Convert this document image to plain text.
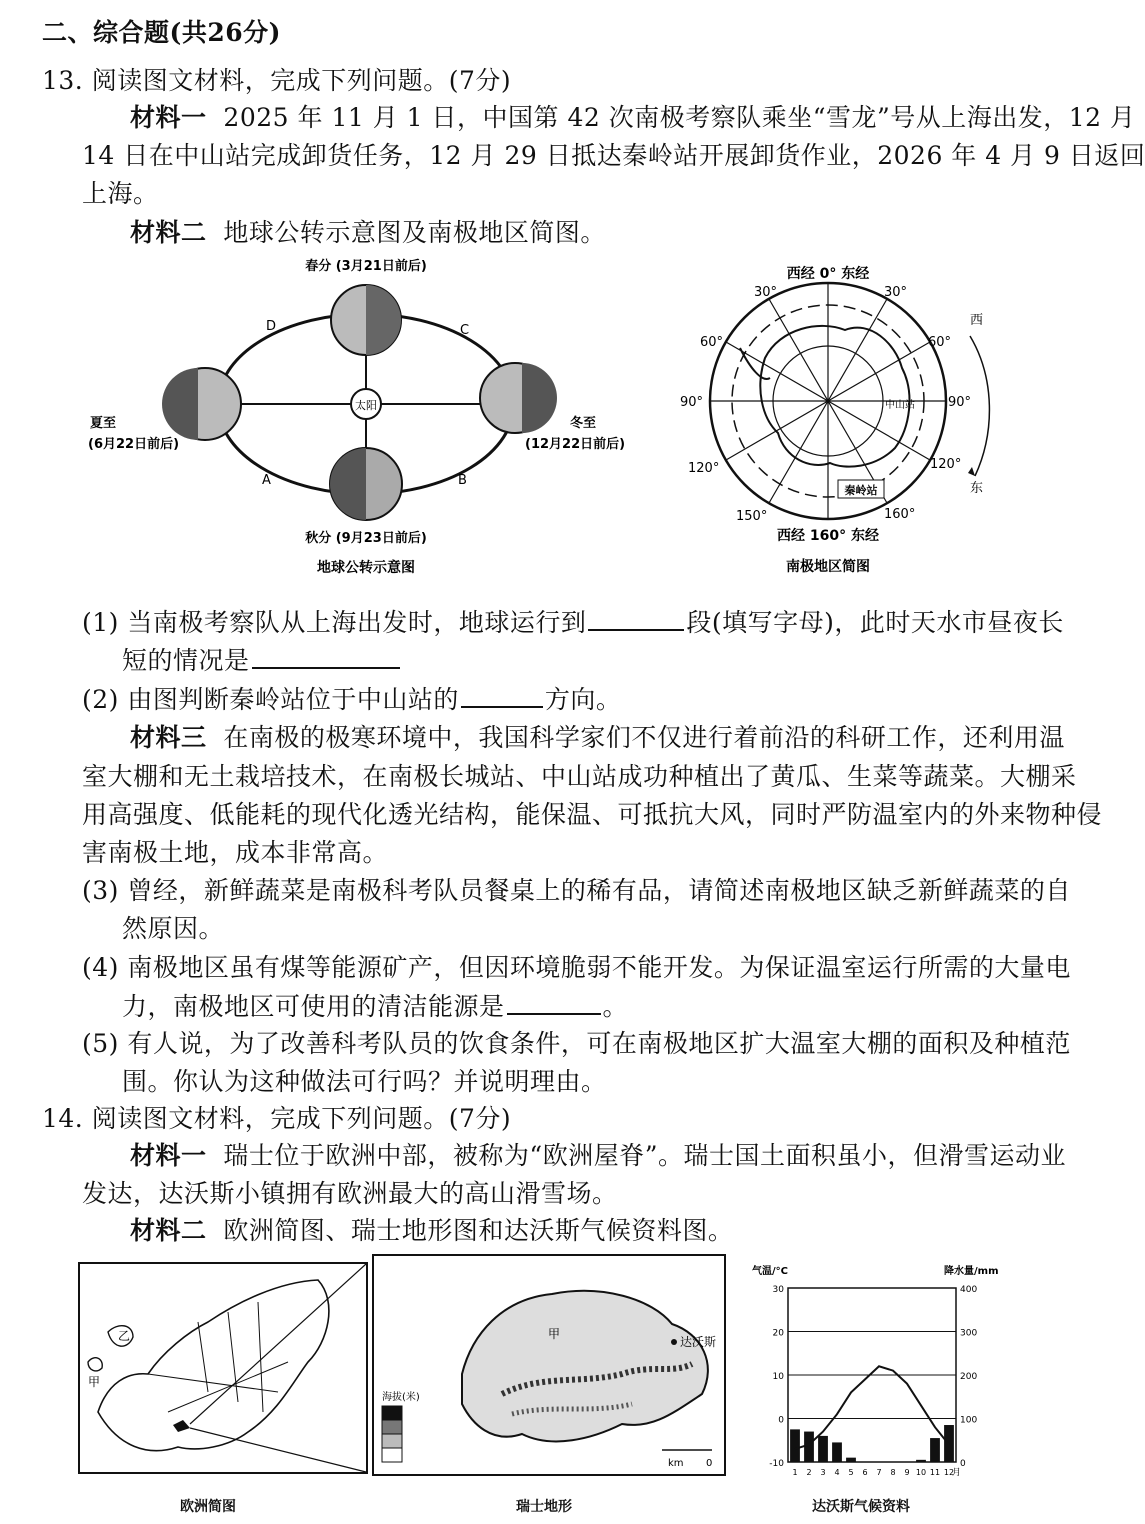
二、综合题(共26分)
13. 阅读图文材料，完成下列问题。(7分)
材料一 2025 年 11 月 1 日，中国第 42 次南极考察队乘坐“雪龙”号从上海出发，12 月
14 日在中山站完成卸货任务，12 月 29 日抵达秦岭站开展卸货作业，2026 年 4 月 9 日返回
上海。
材料二 地球公转示意图及南极地区简图。
太阳
春分 (3月21日前后)
D	C
A	B
夏至
(6月22日前后)
冬至
(12月22日前后)
秋分 (9月23日前后)
地球公转示意图
秦岭站
中山站
西经 0° 东经
西经 160° 东经
30°	30°
60°	60°
90°	90°
120°	120°
150°	160°
西
东
南极地区简图
(1) 当南极考察队从上海出发时，地球运行到	段(填写字母)，此时天水市昼夜长
短的情况是
(2) 由图判断秦岭站位于中山站的	方向。
材料三 在南极的极寒环境中，我国科学家们不仅进行着前沿的科研工作，还利用温
室大棚和无土栽培技术，在南极长城站、中山站成功种植出了黄瓜、生菜等蔬菜。大棚采
用高强度、低能耗的现代化透光结构，能保温、可抵抗大风，同时严防温室内的外来物种侵
害南极土地，成本非常高。
(3) 曾经，新鲜蔬菜是南极科考队员餐桌上的稀有品，请简述南极地区缺乏新鲜蔬菜的自
然原因。
(4) 南极地区虽有煤等能源矿产，但因环境脆弱不能开发。为保证温室运行所需的大量电
力，南极地区可使用的清洁能源是	。
(5) 有人说，为了改善科考队员的饮食条件，可在南极地区扩大温室大棚的面积及种植范
围。你认为这种做法可行吗？并说明理由。
14. 阅读图文材料，完成下列问题。(7分)
材料一 瑞士位于欧洲中部，被称为“欧洲屋脊”。瑞士国土面积虽小，但滑雪运动业
发达，达沃斯小镇拥有欧洲最大的高山滑雪场。
材料二 欧洲简图、瑞士地形图和达沃斯气候资料图。
乙
甲
欧洲简图
甲
达沃斯
海拔(米)
km 0
瑞士地形
气温/°C	降水量/mm
30
20
10
0
-10
400
300
200
100
0
1 2 3 4 5 6 7 8 9 10 11 12
月
达沃斯气候资料
